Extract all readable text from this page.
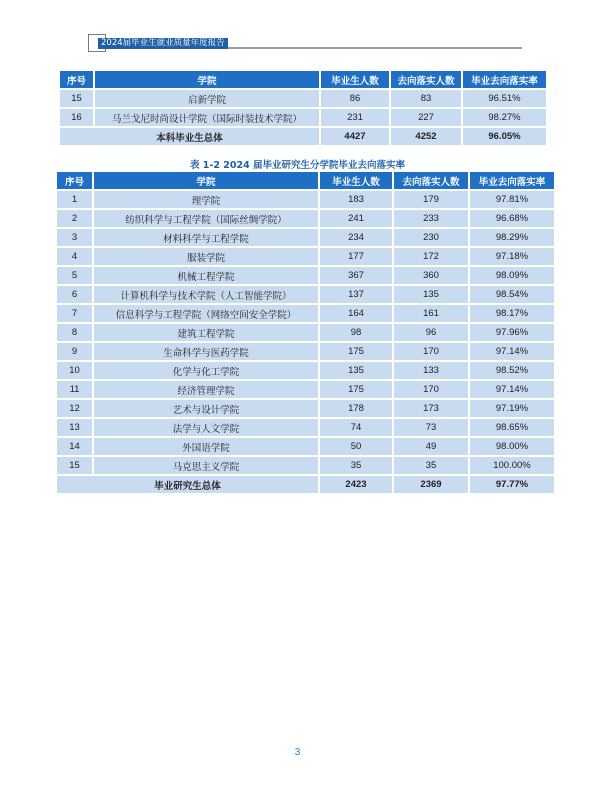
2024届毕业生就业质量年度报告
序号	学院	毕业生人数	去向落实人数	毕业去向落实率
15	启新学院	86	83	96.51%
16	马兰戈尼时尚设计学院（国际时装技术学院）	231	227	98.27%
本科毕业生总体		4427	4252	96.05%
表 1-2 2024 届毕业研究生分学院毕业去向落实率
序号	学院	毕业生人数	去向落实人数	毕业去向落实率
1	理学院	183	179	97.81%
2	纺织科学与工程学院（国际丝绸学院）	241	233	96.68%
3	材料科学与工程学院	234	230	98.29%
4	服装学院	177	172	97.18%
5	机械工程学院	367	360	98.09%
6	计算机科学与技术学院（人工智能学院）	137	135	98.54%
7	信息科学与工程学院（网络空间安全学院）	164	161	98.17%
8	建筑工程学院	98	96	97.96%
9	生命科学与医药学院	175	170	97.14%
10	化学与化工学院	135	133	98.52%
11	经济管理学院	175	170	97.14%
12	艺术与设计学院	178	173	97.19%
13	法学与人文学院	74	73	98.65%
14	外国语学院	50	49	98.00%
15	马克思主义学院	35	35	100.00%
毕业研究生总体		2423	2369	97.77%
3
